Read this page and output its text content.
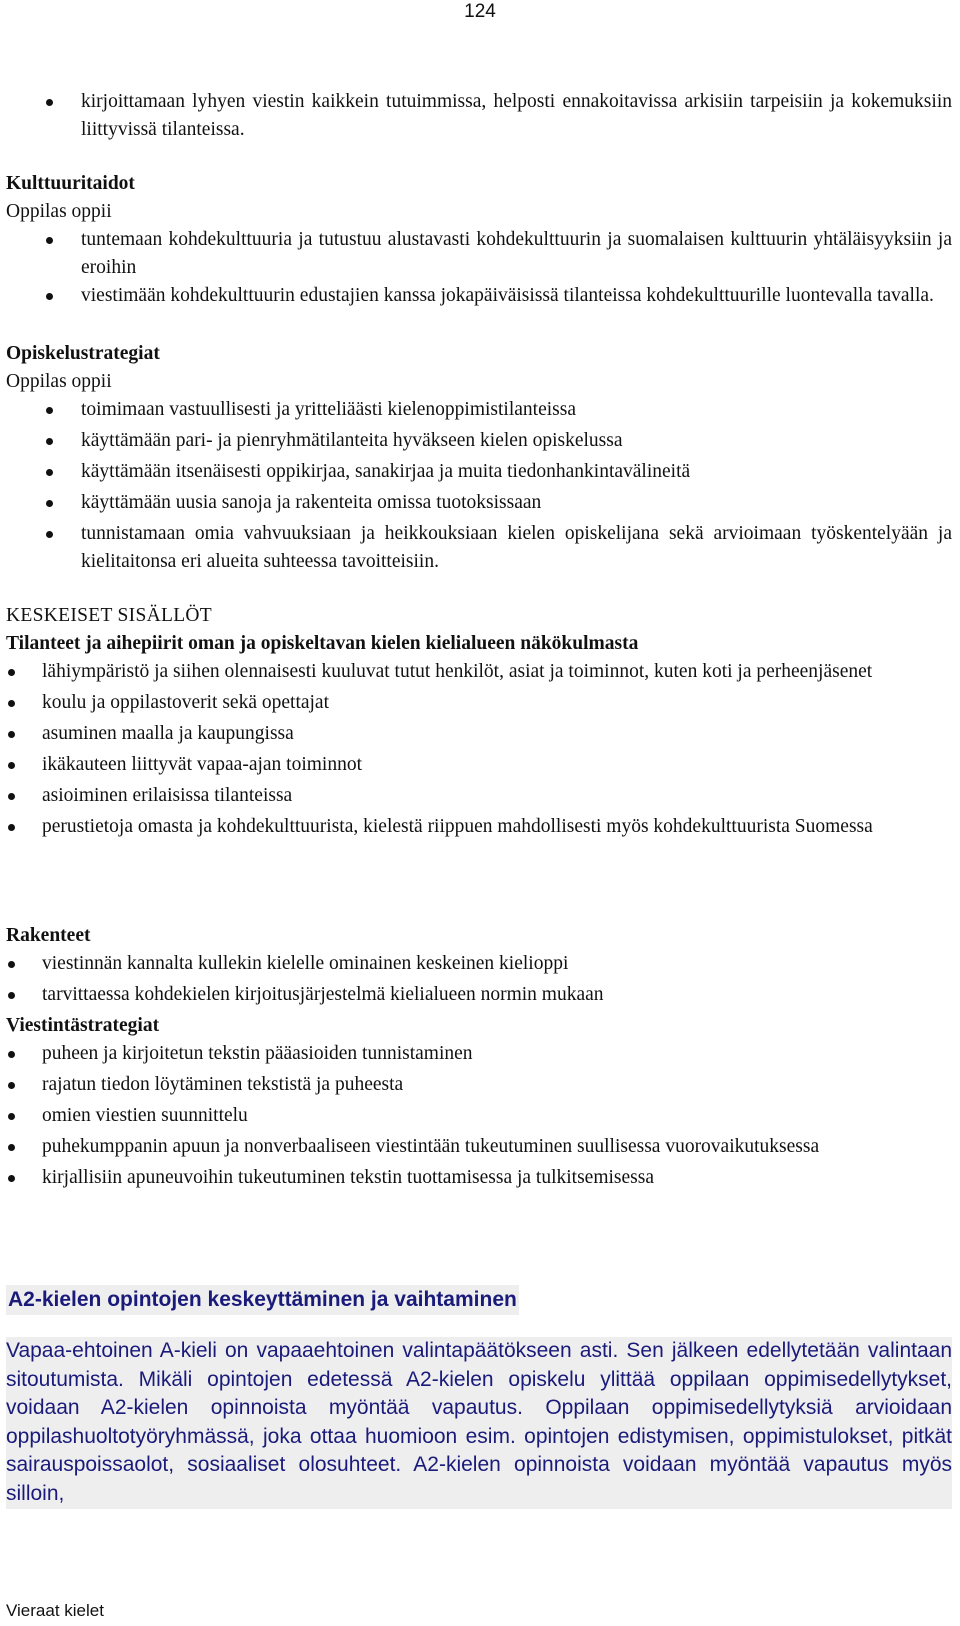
124
kirjoittamaan lyhyen viestin kaikkein tutuimmissa, helposti ennakoitavissa arkisiin tarpeisiin ja kokemuksiin liittyvissä tilanteissa.
Kulttuuritaidot
Oppilas oppii
tuntemaan kohdekulttuuria ja tutustuu alustavasti kohdekulttuurin ja suomalaisen kulttuurin yhtäläisyyksiin ja eroihin
viestimään kohdekulttuurin edustajien kanssa jokapäiväisissä tilanteissa kohdekulttuurille luontevalla tavalla.
Opiskelustrategiat
Oppilas oppii
toimimaan vastuullisesti ja yritteliäästi kielenoppimistilanteissa
käyttämään pari- ja pienryhmätilanteita hyväkseen kielen opiskelussa
käyttämään itsenäisesti oppikirjaa, sanakirjaa ja muita tiedonhankintavälineitä
käyttämään uusia sanoja ja rakenteita omissa tuotoksissaan
tunnistamaan omia vahvuuksiaan ja heikkouksiaan kielen opiskelijana sekä arvioimaan työskentelyään ja kielitaitonsa eri alueita suhteessa tavoitteisiin.
KESKEISET SISÄLLÖT
Tilanteet ja aihepiirit oman ja opiskeltavan kielen kielialueen näkökulmasta
lähiympäristö ja siihen olennaisesti kuuluvat tutut henkilöt, asiat ja toiminnot, kuten koti ja perheenjäsenet
koulu ja oppilastoverit sekä opettajat
asuminen maalla ja kaupungissa
ikäkauteen liittyvät vapaa-ajan toiminnot
asioiminen erilaisissa tilanteissa
perustietoja omasta ja kohdekulttuurista, kielestä riippuen mahdollisesti myös kohdekulttuurista Suomessa
Rakenteet
viestinnän kannalta kullekin kielelle ominainen keskeinen kielioppi
tarvittaessa kohdekielen kirjoitusjärjestelmä kielialueen normin mukaan
Viestintästrategiat
puheen ja kirjoitetun tekstin pääasioiden tunnistaminen
rajatun tiedon löytäminen tekstistä ja puheesta
omien viestien suunnittelu
puhekumppanin apuun ja nonverbaaliseen viestintään tukeutuminen suullisessa vuorovaikutuksessa
kirjallisiin apuneuvoihin tukeutuminen tekstin tuottamisessa ja tulkitsemisessa
A2-kielen opintojen keskeyttäminen ja vaihtaminen
Vapaa-ehtoinen A-kieli on vapaaehtoinen valintapäätökseen asti. Sen jälkeen edellytetään valintaan sitoutumista. Mikäli opintojen edetessä A2-kielen opiskelu ylittää oppilaan oppimisedellytykset, voidaan A2-kielen opinnoista myöntää vapautus. Oppilaan oppimisedellytyksiä arvioidaan oppilashuoltotyöryhmässä, joka ottaa huomioon esim. opintojen edistymisen, oppimistulokset, pitkät sairauspoissaolot, sosiaaliset olosuhteet. A2-kielen opinnoista voidaan myöntää vapautus myös silloin,
Vieraat kielet
